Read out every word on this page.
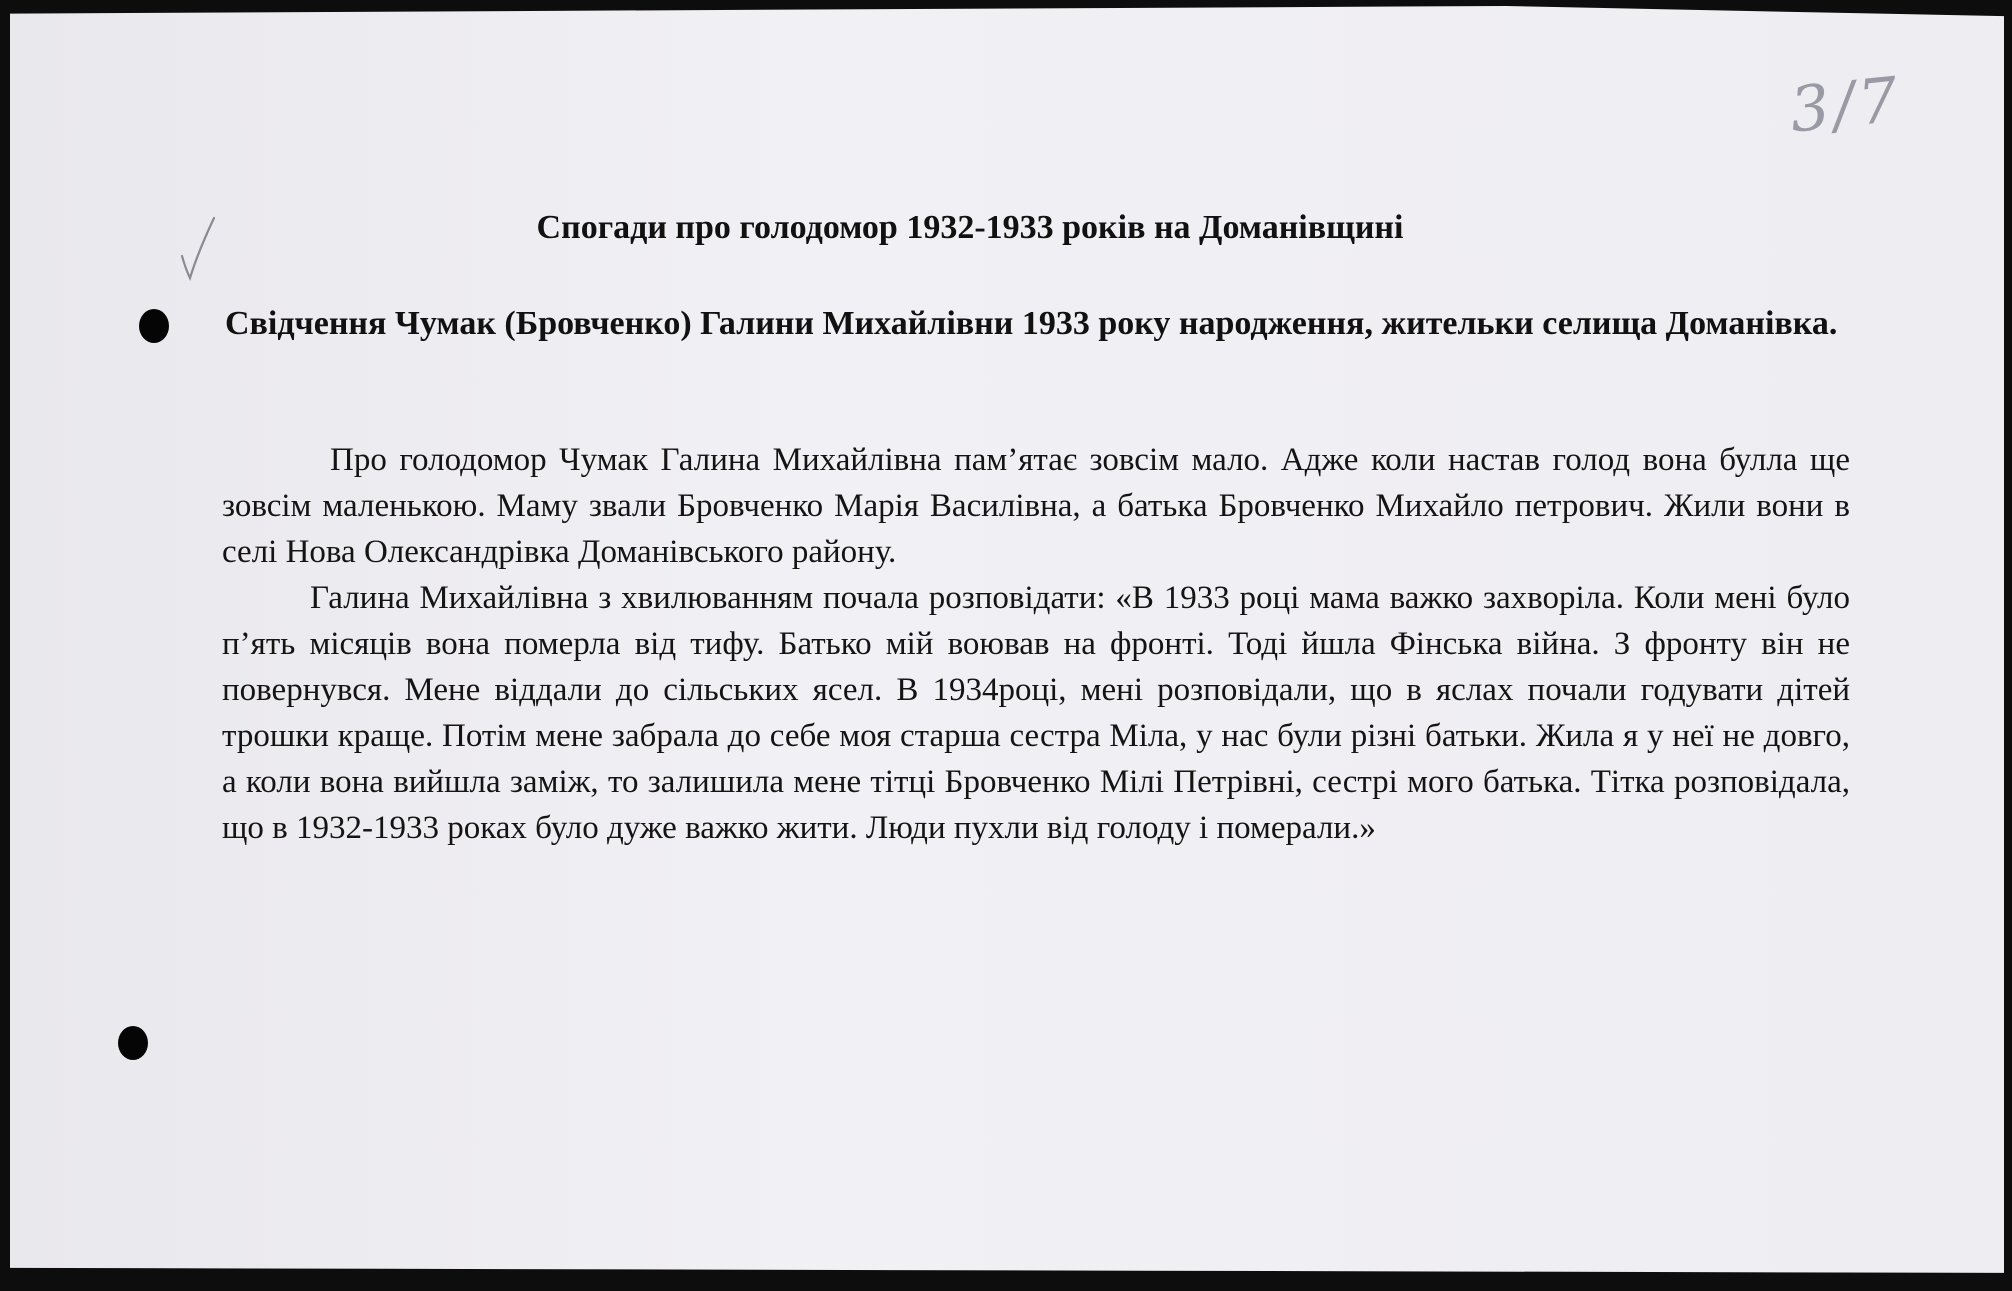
3/7
Спогади про голодомор 1932-1933 років на Доманівщині
Свідчення Чумак (Бровченко) Галини Михайлівни 1933 року народження, жительки селища Доманівка.

Про голодомор Чумак Галина Михайлівна пам’ятає зовсім мало. Адже коли настав голод вона булла ще зовсім маленькою. Маму звали Бровченко Марія Василівна, а батька Бровченко Михайло петрович. Жили вони в селі Нова Олександрівка Доманівського району.

Галина Михайлівна з хвилюванням почала розповідати: «В 1933 році мама важко захворіла. Коли мені було п’ять місяців вона померла від тифу. Батько мій воював на фронті. Тоді йшла Фінська війна. З фронту він не повернувся. Мене віддали до сільських ясел. В 1934році, мені розповідали, що в яслах почали годувати дітей трошки краще. Потім мене забрала до себе моя старша сестра Міла, у нас були різні батьки. Жила я у неї не довго, а коли вона вийшла заміж, то залишила мене тітці Бровченко Мілі Петрівні, сестрі мого батька. Тітка розповідала, що в 1932-1933 роках було дуже важко жити. Люди пухли від голоду і померали.»
